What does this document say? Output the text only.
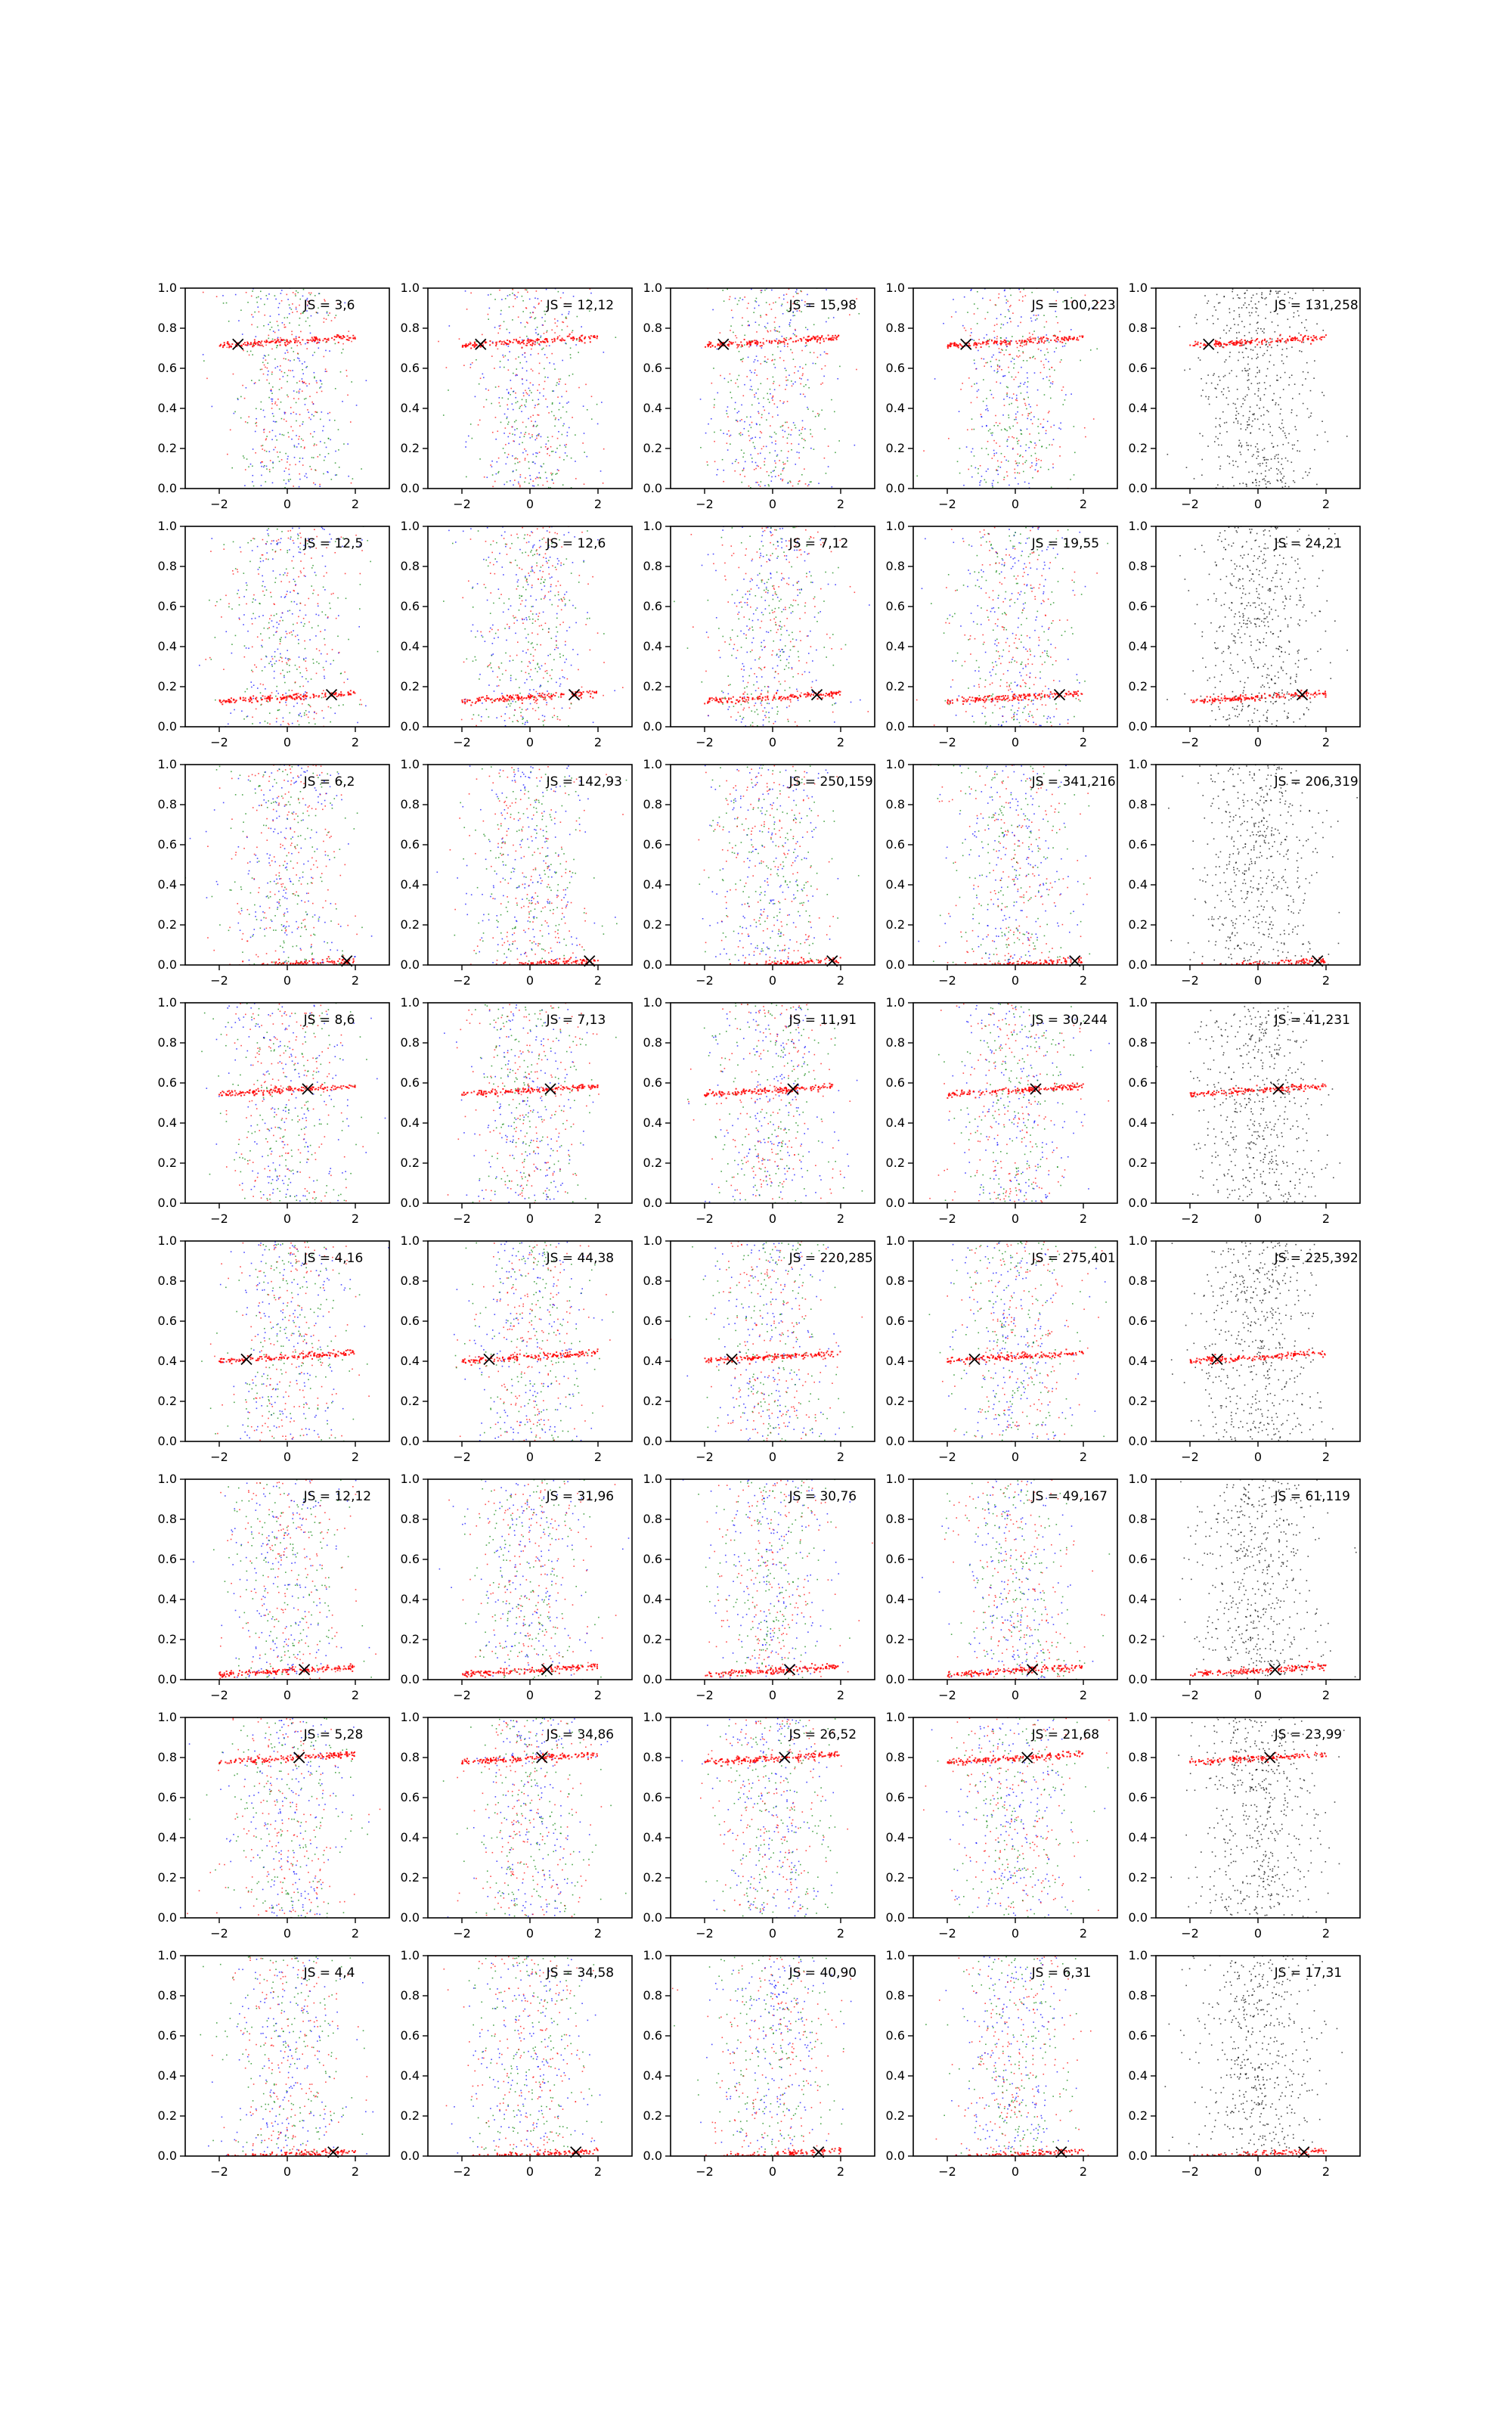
−2	0	2
0.0
0.2
0.4
0.6
0.8
1.0
JS = 3,6
−2	0	2
0.0
0.2
0.4
0.6
0.8
1.0
JS = 12,12
−2	0	2
0.0
0.2
0.4
0.6
0.8
1.0
JS = 15,98
−2	0	2
0.0
0.2
0.4
0.6
0.8
1.0
JS = 100,223
−2	0	2
0.0
0.2
0.4
0.6
0.8
1.0
JS = 131,258
−2	0	2
0.0
0.2
0.4
0.6
0.8
1.0
JS = 12,5
−2	0	2
0.0
0.2
0.4
0.6
0.8
1.0
JS = 12,6
−2	0	2
0.0
0.2
0.4
0.6
0.8
1.0
JS = 7,12
−2	0	2
0.0
0.2
0.4
0.6
0.8
1.0
JS = 19,55
−2	0	2
0.0
0.2
0.4
0.6
0.8
1.0
JS = 24,21
−2	0	2
0.0
0.2
0.4
0.6
0.8
1.0
JS = 6,2
−2	0	2
0.0
0.2
0.4
0.6
0.8
1.0
JS = 142,93
−2	0	2
0.0
0.2
0.4
0.6
0.8
1.0
JS = 250,159
−2	0	2
0.0
0.2
0.4
0.6
0.8
1.0
JS = 341,216
−2	0	2
0.0
0.2
0.4
0.6
0.8
1.0
JS = 206,319
−2	0	2
0.0
0.2
0.4
0.6
0.8
1.0
JS = 8,6
−2	0	2
0.0
0.2
0.4
0.6
0.8
1.0
JS = 7,13
−2	0	2
0.0
0.2
0.4
0.6
0.8
1.0
JS = 11,91
−2	0	2
0.0
0.2
0.4
0.6
0.8
1.0
JS = 30,244
−2	0	2
0.0
0.2
0.4
0.6
0.8
1.0
JS = 41,231
−2	0	2
0.0
0.2
0.4
0.6
0.8
1.0
JS = 4,16
−2	0	2
0.0
0.2
0.4
0.6
0.8
1.0
JS = 44,38
−2	0	2
0.0
0.2
0.4
0.6
0.8
1.0
JS = 220,285
−2	0	2
0.0
0.2
0.4
0.6
0.8
1.0
JS = 275,401
−2	0	2
0.0
0.2
0.4
0.6
0.8
1.0
JS = 225,392
−2	0	2
0.0
0.2
0.4
0.6
0.8
1.0
JS = 12,12
−2	0	2
0.0
0.2
0.4
0.6
0.8
1.0
JS = 31,96
−2	0	2
0.0
0.2
0.4
0.6
0.8
1.0
JS = 30,76
−2	0	2
0.0
0.2
0.4
0.6
0.8
1.0
JS = 49,167
−2	0	2
0.0
0.2
0.4
0.6
0.8
1.0
JS = 61,119
−2	0	2
0.0
0.2
0.4
0.6
0.8
1.0
JS = 5,28
−2	0	2
0.0
0.2
0.4
0.6
0.8
1.0
JS = 34,86
−2	0	2
0.0
0.2
0.4
0.6
0.8
1.0
JS = 26,52
−2	0	2
0.0
0.2
0.4
0.6
0.8
1.0
JS = 21,68
−2	0	2
0.0
0.2
0.4
0.6
0.8
1.0
JS = 23,99
−2	0	2
0.0
0.2
0.4
0.6
0.8
1.0
JS = 4,4
−2	0	2
0.0
0.2
0.4
0.6
0.8
1.0
JS = 34,58
−2	0	2
0.0
0.2
0.4
0.6
0.8
1.0
JS = 40,90
−2	0	2
0.0
0.2
0.4
0.6
0.8
1.0
JS = 6,31
−2	0	2
0.0
0.2
0.4
0.6
0.8
1.0
JS = 17,31
